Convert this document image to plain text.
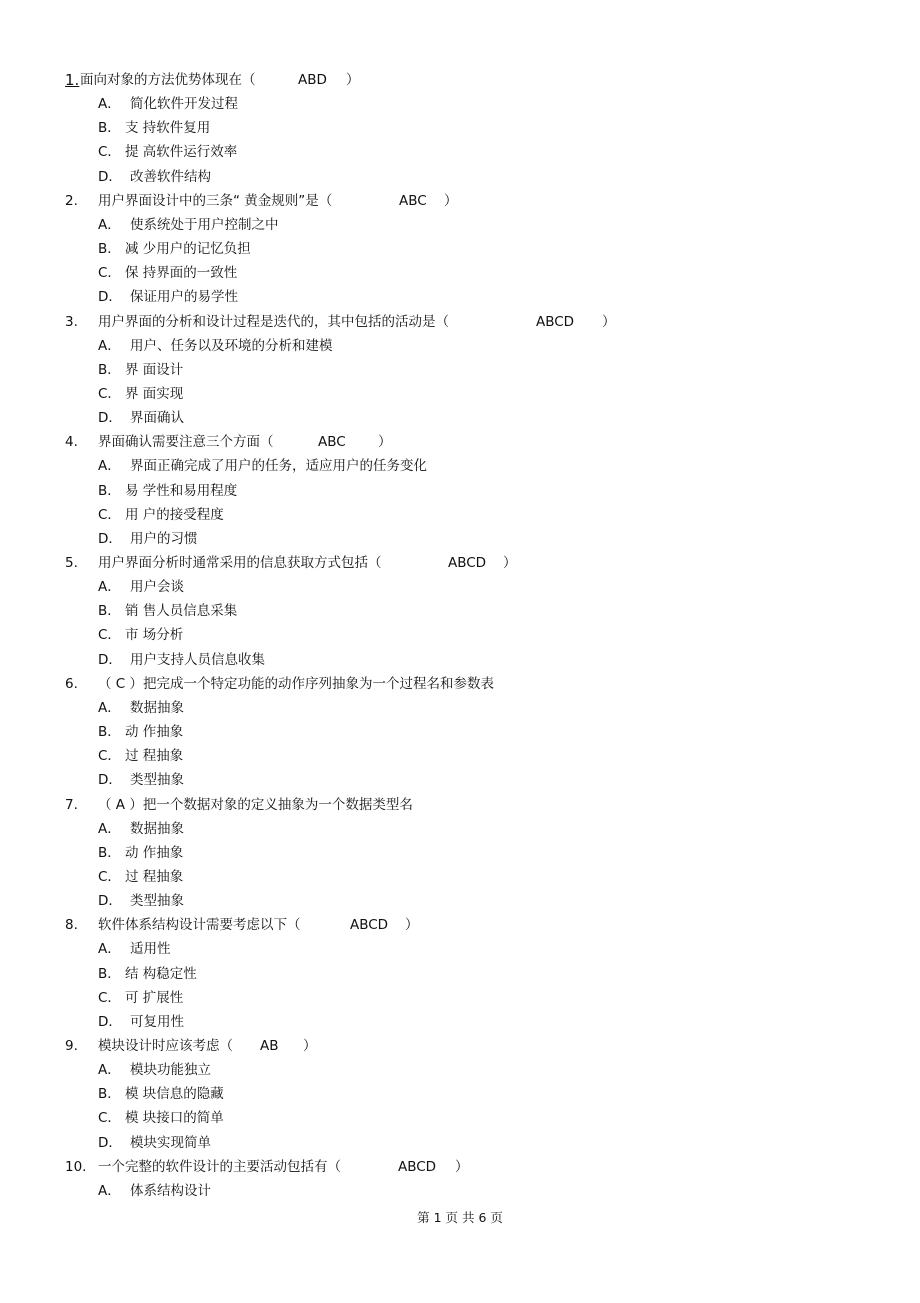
1. 面向对象的方法优势体现在（	ABD ）
A． 简化软件开发过程
B． 支 持软件复用
C． 提 高软件运行效率
D． 改善软件结构
2. 用户界面设计中的三条“ 黄金规则”是（	ABC ）
A． 使系统处于用户控制之中
B． 减 少用户的记忆负担
C． 保 持界面的一致性
D． 保证用户的易学性
3. 用户界面的分析和设计过程是迭代的，其中包括的活动是（	ABCD ）
A． 用户、任务以及环境的分析和建模
B． 界 面设计
C． 界 面实现
D． 界面确认
4. 界面确认需要注意三个方面（	ABC ）
A． 界面正确完成了用户的任务，适应用户的任务变化
B． 易 学性和易用程度
C． 用 户的接受程度
D． 用户的习惯
5. 用户界面分析时通常采用的信息获取方式包括（	ABCD ）
A． 用户会谈
B． 销 售人员信息采集
C． 市 场分析
D． 用户支持人员信息收集
6. （ C ）把完成一个特定功能的动作序列抽象为一个过程名和参数表
A． 数据抽象
B． 动 作抽象
C． 过 程抽象
D． 类型抽象
7. （ A ）把一个数据对象的定义抽象为一个数据类型名
A． 数据抽象
B． 动 作抽象
C． 过 程抽象
D． 类型抽象
8. 软件体系结构设计需要考虑以下（	ABCD ）
A． 适用性
B． 结 构稳定性
C． 可 扩展性
D． 可复用性
9. 模块设计时应该考虑（ AB ）
A． 模块功能独立
B． 模 块信息的隐藏
C． 模 块接口的简单
D． 模块实现简单
10. 一个完整的软件设计的主要活动包括有（	ABCD ）
A． 体系结构设计
第 1 页 共 6 页
